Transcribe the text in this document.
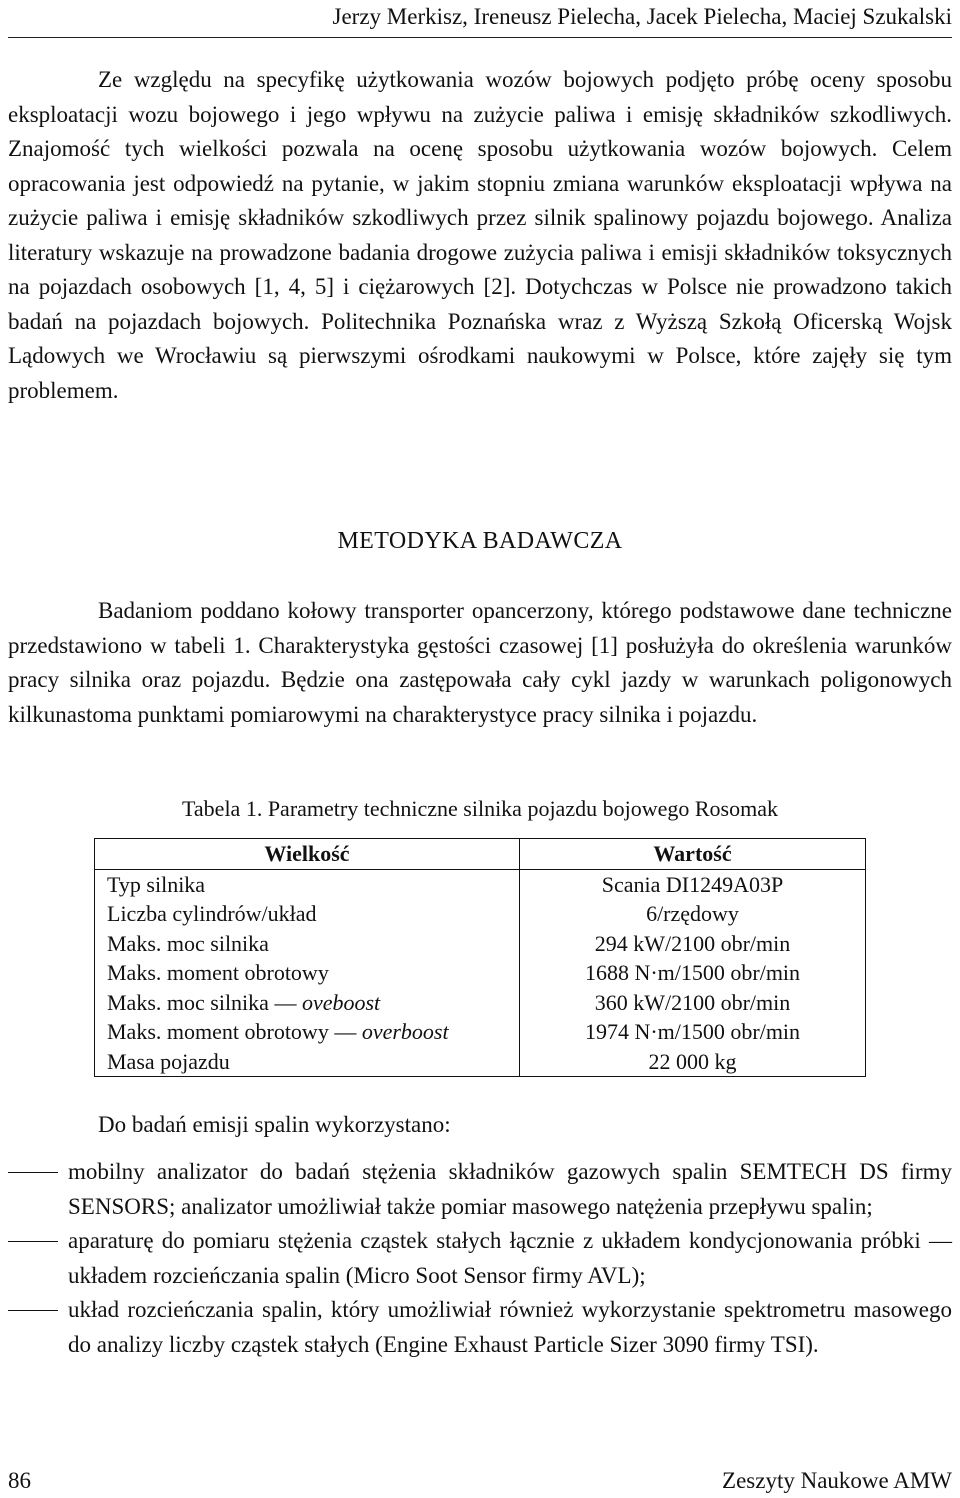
Jerzy Merkisz, Ireneusz Pielecha, Jacek Pielecha, Maciej Szukalski

Ze względu na specyfikę użytkowania wozów bojowych podjęto próbę oceny sposobu eksploatacji wozu bojowego i jego wpływu na zużycie paliwa i emisję składników szkodliwych. Znajomość tych wielkości pozwala na ocenę sposobu użytkowania wozów bojowych. Celem opracowania jest odpowiedź na pytanie, w jakim stopniu zmiana warunków eksploatacji wpływa na zużycie paliwa i emisję składników szkodliwych przez silnik spalinowy pojazdu bojowego. Analiza literatury wskazuje na prowadzone badania drogowe zużycia paliwa i emisji składników toksycznych na pojazdach osobowych [1, 4, 5] i ciężarowych [2]. Dotychczas w Polsce nie prowadzono takich badań na pojazdach bojowych. Politechnika Poznańska wraz z Wyższą Szkołą Oficerską Wojsk Lądowych we Wrocławiu są pierwszymi ośrodkami naukowymi w Polsce, które zajęły się tym problemem.

METODYKA BADAWCZA

Badaniom poddano kołowy transporter opancerzony, którego podstawowe dane techniczne przedstawiono w tabeli 1. Charakterystyka gęstości czasowej [1] posłużyła do określenia warunków pracy silnika oraz pojazdu. Będzie ona zastępowała cały cykl jazdy w warunkach poligonowych kilkunastoma punktami pomiarowymi na charakterystyce pracy silnika i pojazdu.

Tabela 1. Parametry techniczne silnika pojazdu bojowego Rosomak
Wielkość	Wartość
Typ silnika	Scania DI1249A03P
Liczba cylindrów/układ	6/rzędowy
Maks. moc silnika	294 kW/2100 obr/min
Maks. moment obrotowy	1688 N·m/1500 obr/min
Maks. moc silnika — oveboost	360 kW/2100 obr/min
Maks. moment obrotowy — overboost	1974 N·m/1500 obr/min
Masa pojazdu	22 000 kg
Do badań emisji spalin wykorzystano:
mobilny analizator do badań stężenia składników gazowych spalin SEMTECH DS firmy SENSORS; analizator umożliwiał także pomiar masowego natężenia przepływu spalin;
aparaturę do pomiaru stężenia cząstek stałych łącznie z układem kondycjonowania próbki — układem rozcieńczania spalin (Micro Soot Sensor firmy AVL);
układ rozcieńczania spalin, który umożliwiał również wykorzystanie spektrometru masowego do analizy liczby cząstek stałych (Engine Exhaust Particle Sizer 3090 firmy TSI).
86	Zeszyty Naukowe AMW
